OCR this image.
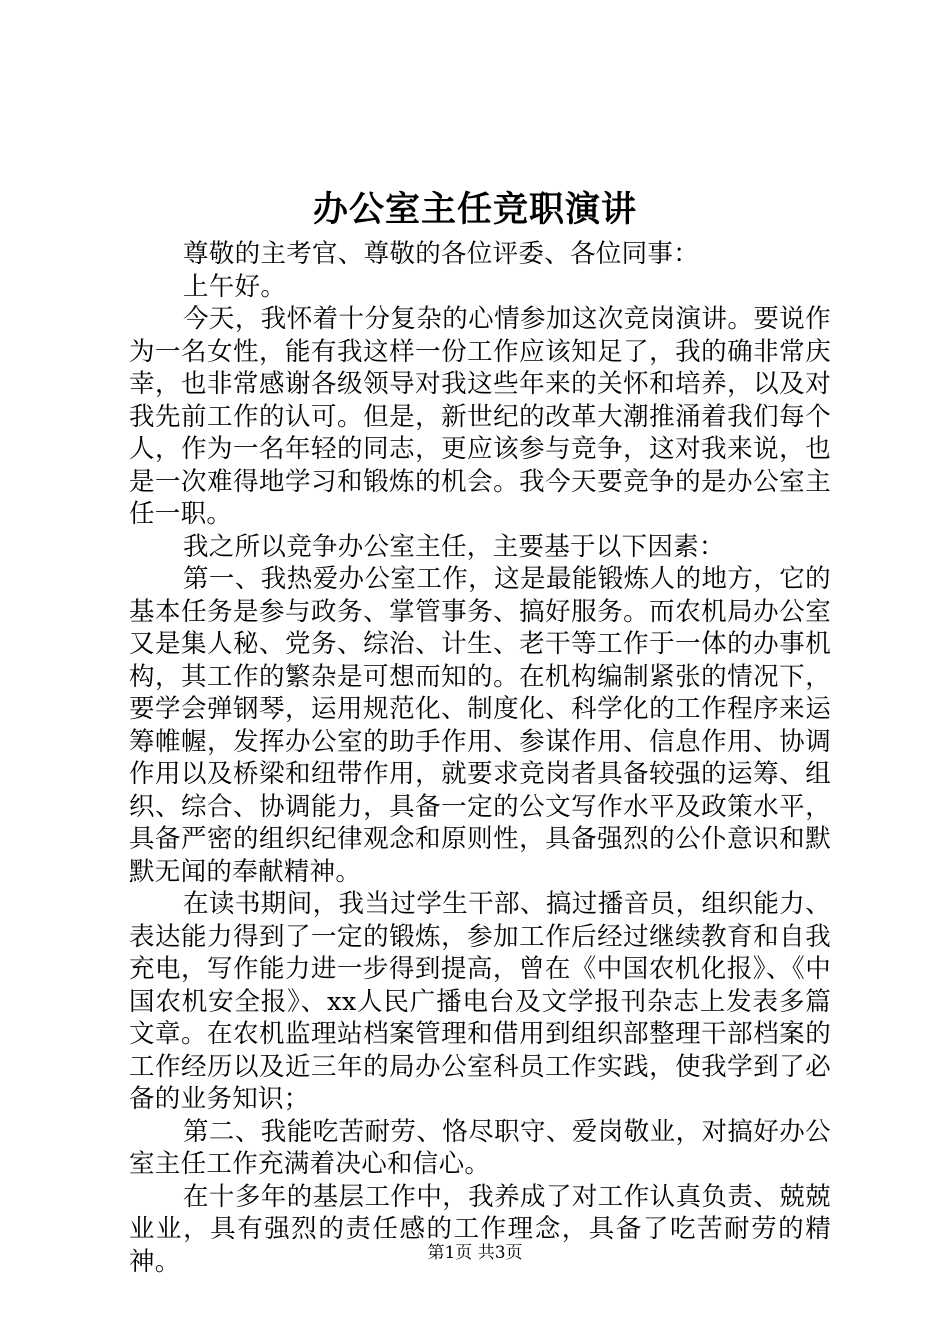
办公室主任竞职演讲

尊敬的主考官、尊敬的各位评委、各位同事：

上午好。

今天，我怀着十分复杂的心情参加这次竞岗演讲。要说作为一名女性，能有我这样一份工作应该知足了，我的确非常庆幸，也非常感谢各级领导对我这些年来的关怀和培养，以及对我先前工作的认可。但是，新世纪的改革大潮推涌着我们每个人，作为一名年轻的同志，更应该参与竞争，这对我来说，也是一次难得地学习和锻炼的机会。我今天要竞争的是办公室主任一职。

我之所以竞争办公室主任，主要基于以下因素：

第一、我热爱办公室工作，这是最能锻炼人的地方，它的基本任务是参与政务、掌管事务、搞好服务。而农机局办公室又是集人秘、党务、综治、计生、老干等工作于一体的办事机构，其工作的繁杂是可想而知的。在机构编制紧张的情况下，要学会弹钢琴，运用规范化、制度化、科学化的工作程序来运筹帷幄，发挥办公室的助手作用、参谋作用、信息作用、协调作用以及桥梁和纽带作用，就要求竞岗者具备较强的运筹、组织、综合、协调能力，具备一定的公文写作水平及政策水平，具备严密的组织纪律观念和原则性，具备强烈的公仆意识和默默无闻的奉献精神。

在读书期间，我当过学生干部、搞过播音员，组织能力、表达能力得到了一定的锻炼，参加工作后经过继续教育和自我充电，写作能力进一步得到提高，曾在《中国农机化报》、《中国农机安全报》、xx人民广播电台及文学报刊杂志上发表多篇文章。在农机监理站档案管理和借用到组织部整理干部档案的工作经历以及近三年的局办公室科员工作实践，使我学到了必备的业务知识；

第二、我能吃苦耐劳、恪尽职守、爱岗敬业，对搞好办公室主任工作充满着决心和信心。

在十多年的基层工作中，我养成了对工作认真负责、兢兢业业，具有强烈的责任感的工作理念，具备了吃苦耐劳的精神。	第1页 共3页
